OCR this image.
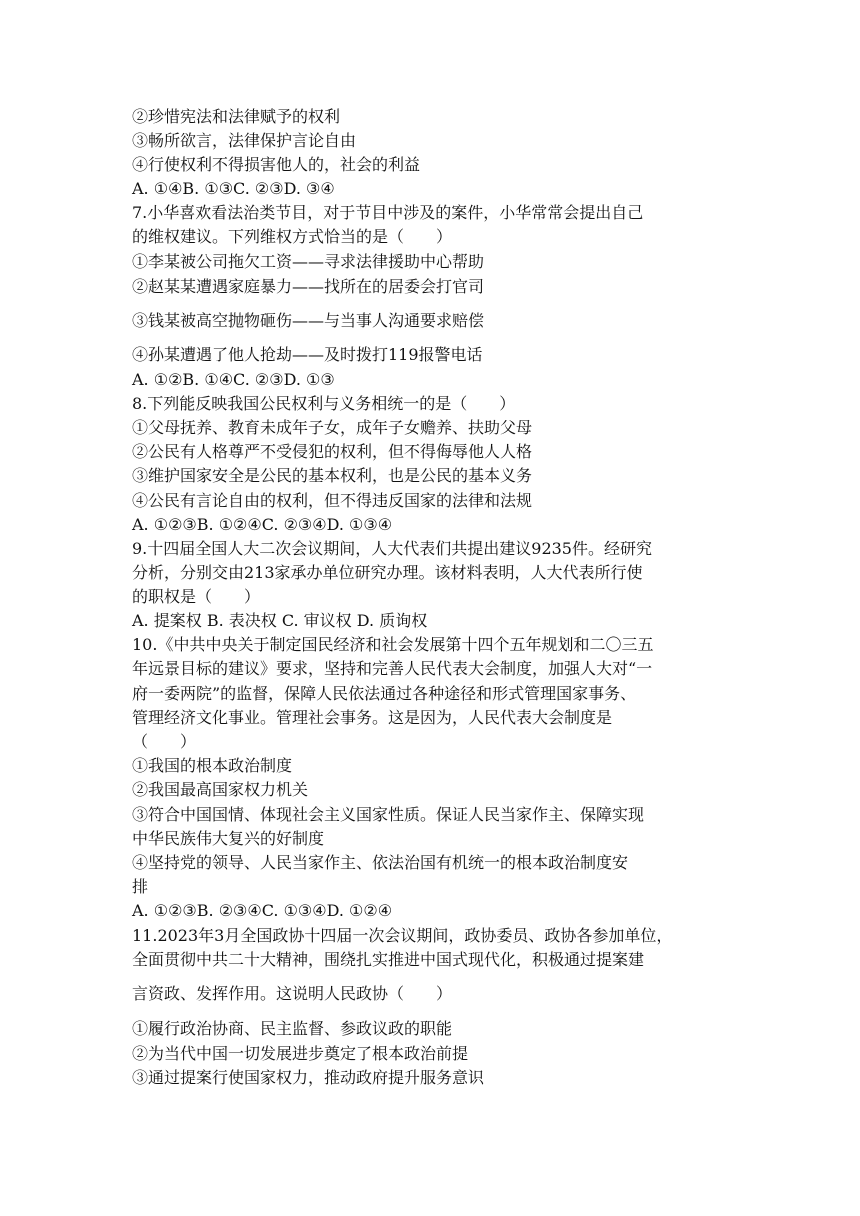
②珍惜宪法和法律赋予的权利
③畅所欲言，法律保护言论自由
④行使权利不得损害他人的，社会的利益
A. ①④B. ①③C. ②③D. ③④
7.小华喜欢看法治类节目，对于节目中涉及的案件，小华常常会提出自己
的维权建议。下列维权方式恰当的是（　　）
①李某被公司拖欠工资——寻求法律援助中心帮助
②赵某某遭遇家庭暴力——找所在的居委会打官司
③钱某被高空抛物砸伤——与当事人沟通要求赔偿
④孙某遭遇了他人抢劫——及时拨打119报警电话
A. ①②B. ①④C. ②③D. ①③
8.下列能反映我国公民权利与义务相统一的是（　　）
①父母抚养、教育未成年子女，成年子女赡养、扶助父母
②公民有人格尊严不受侵犯的权利，但不得侮辱他人人格
③维护国家安全是公民的基本权利，也是公民的基本义务
④公民有言论自由的权利，但不得违反国家的法律和法规
A. ①②③B. ①②④C. ②③④D. ①③④
9.十四届全国人大二次会议期间，人大代表们共提出建议9235件。经研究
分析，分别交由213家承办单位研究办理。该材料表明，人大代表所行使
的职权是（　　）
A. 提案权 B. 表决权 C. 审议权 D. 质询权
10.《中共中央关于制定国民经济和社会发展第十四个五年规划和二〇三五
年远景目标的建议》要求，坚持和完善人民代表大会制度，加强人大对“一
府一委两院”的监督，保障人民依法通过各种途径和形式管理国家事务、
管理经济文化事业。管理社会事务。这是因为，人民代表大会制度是
（　　）
①我国的根本政治制度
②我国最高国家权力机关
③符合中国国情、体现社会主义国家性质。保证人民当家作主、保障实现
中华民族伟大复兴的好制度
④坚持党的领导、人民当家作主、依法治国有机统一的根本政治制度安
排
A. ①②③B. ②③④C. ①③④D. ①②④
11.2023年3月全国政协十四届一次会议期间，政协委员、政协各参加单位，
全面贯彻中共二十大精神，围绕扎实推进中国式现代化，积极通过提案建
言资政、发挥作用。这说明人民政协（　　）
①履行政治协商、民主监督、参政议政的职能
②为当代中国一切发展进步奠定了根本政治前提
③通过提案行使国家权力，推动政府提升服务意识
